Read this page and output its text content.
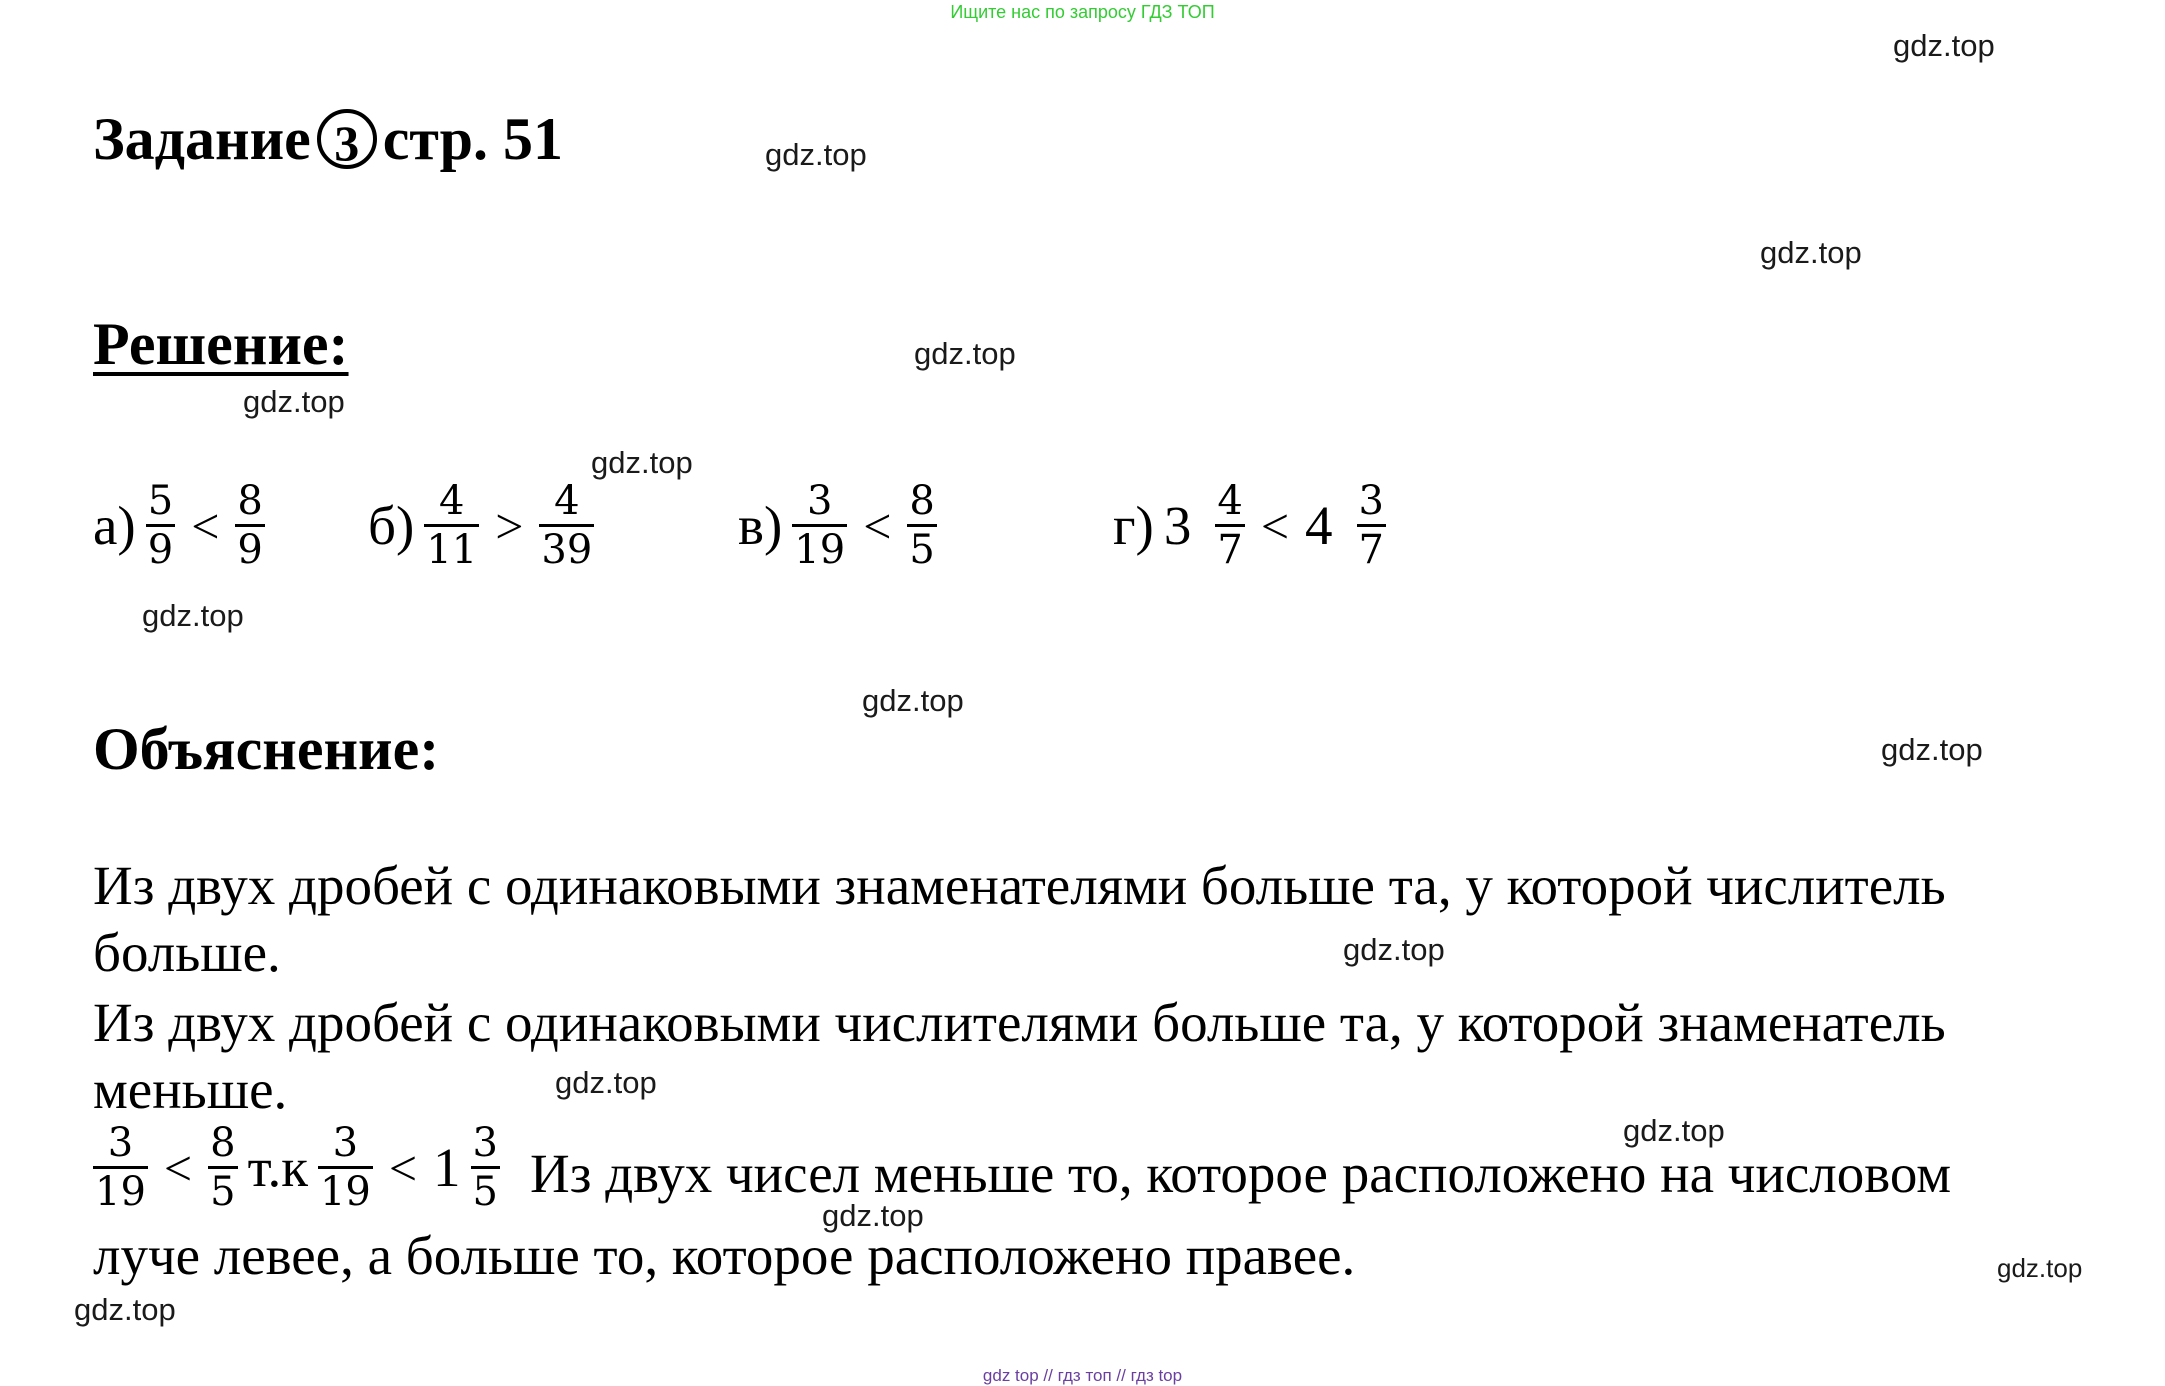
Ищите нас по запросу ГДЗ ТОП
Задание 3 стр. 51
Решение:
$а) \frac{5}{9} < \frac{8}{9} б) \frac{4}{11} > \frac{4}{39}$	$в) \frac{3}{19} < \frac{8}{5}$	г) $3 \frac{4}{7} < 4 \frac{3}{7}$
Объяснение:
Из двух дробей с одинаковыми знаменателями больше та, у которой числитель
больше.
Из двух дробей с одинаковыми числителями больше та, у которой знаменатель
меньше.
$\frac{3}{19} < \frac{8}{5} т.к \frac{3}{19} < 1 \frac{3}{5}$ Из двух чисел меньше то, которое расположено на числовом
луче левее, а больше то, которое расположено правее.
gdz.top
gdz.top
gdz.top
gdz.top
gdz.top
gdz.top
gdz.top
gdz.top
gdz.top
gdz.top
gdz.top
gdz.top
gdz.top
gdz.top
gdz.top
gdz top // гдз топ // гдз top
